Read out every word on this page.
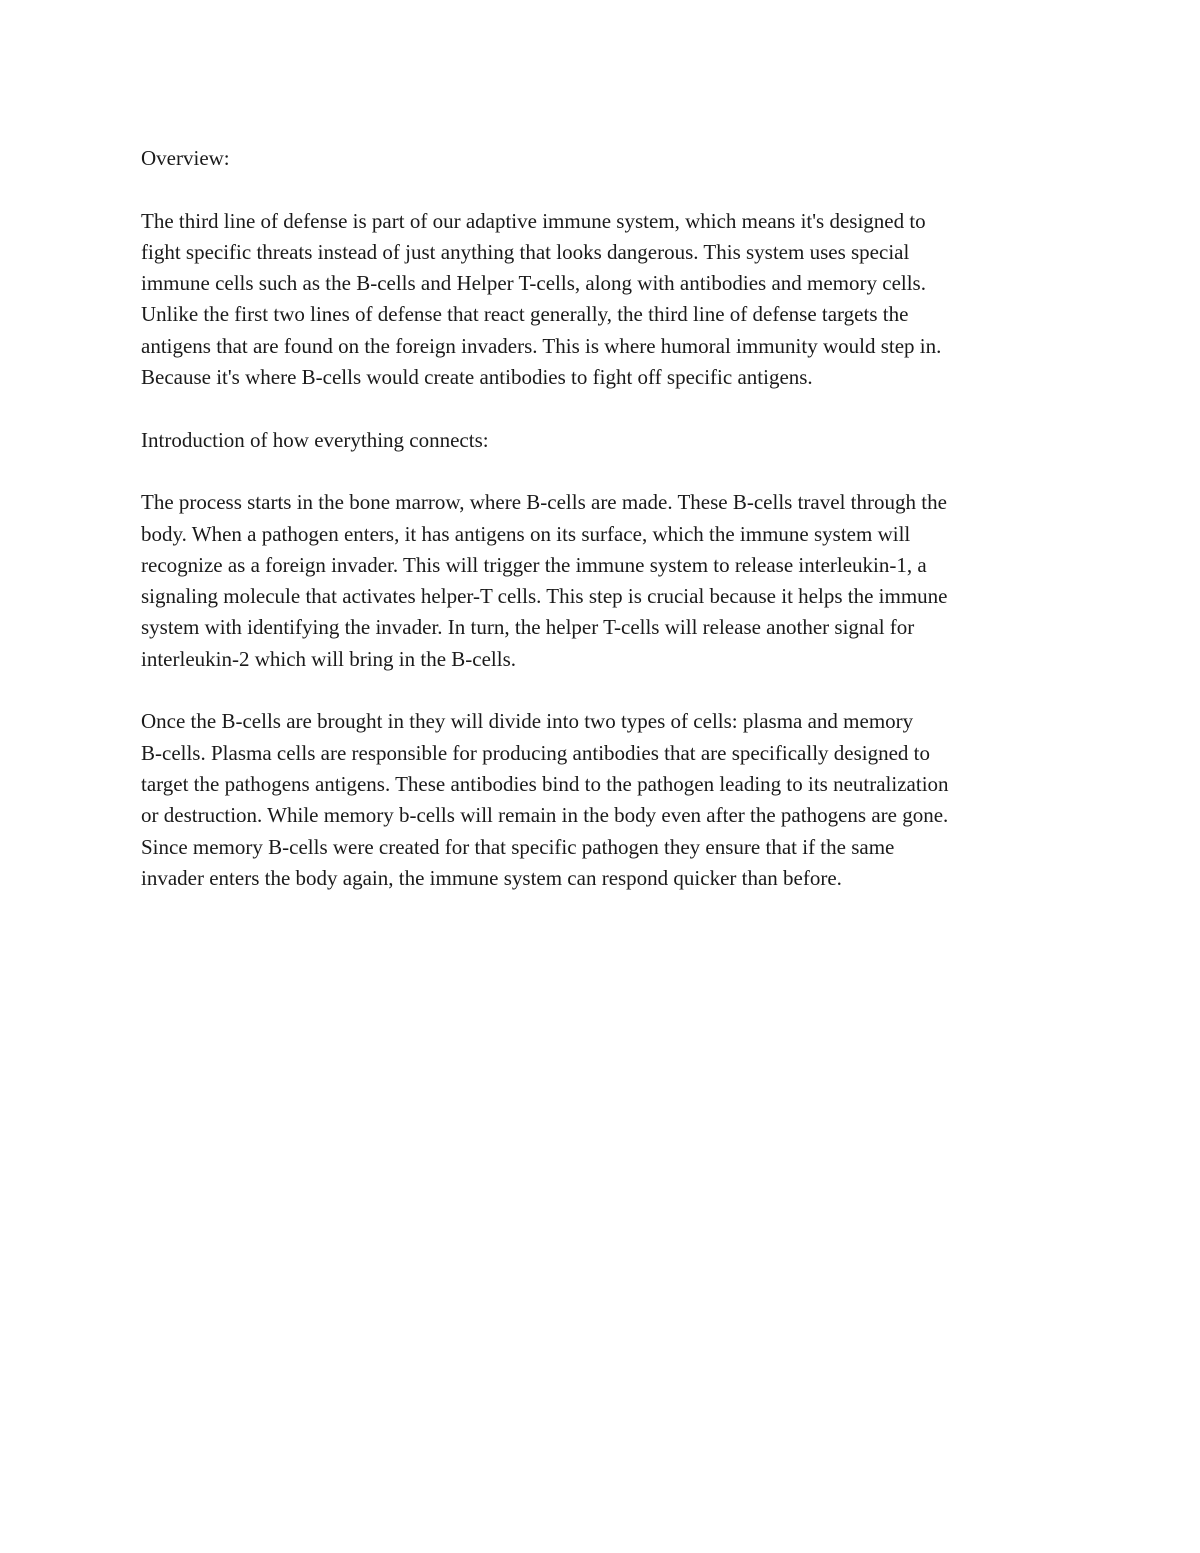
Overview:
The third line of defense is part of our adaptive immune system, which means it's designed to
fight specific threats instead of just anything that looks dangerous. This system uses special
immune cells such as the B-cells and Helper T-cells, along with antibodies and memory cells.
Unlike the first two lines of defense that react generally, the third line of defense targets the
antigens that are found on the foreign invaders. This is where humoral immunity would step in.
Because it's where B-cells would create antibodies to fight off specific antigens.
Introduction of how everything connects:
The process starts in the bone marrow, where B-cells are made. These B-cells travel through the
body. When a pathogen enters, it has antigens on its surface, which the immune system will
recognize as a foreign invader. This will trigger the immune system to release interleukin-1, a
signaling molecule that activates helper-T cells. This step is crucial because it helps the immune
system with identifying the invader. In turn, the helper T-cells will release another signal for
interleukin-2 which will bring in the B-cells.
Once the B-cells are brought in they will divide into two types of cells: plasma and memory
B-cells. Plasma cells are responsible for producing antibodies that are specifically designed to
target the pathogens antigens. These antibodies bind to the pathogen leading to its neutralization
or destruction. While memory b-cells will remain in the body even after the pathogens are gone.
Since memory B-cells were created for that specific pathogen they ensure that if the same
invader enters the body again, the immune system can respond quicker than before.
